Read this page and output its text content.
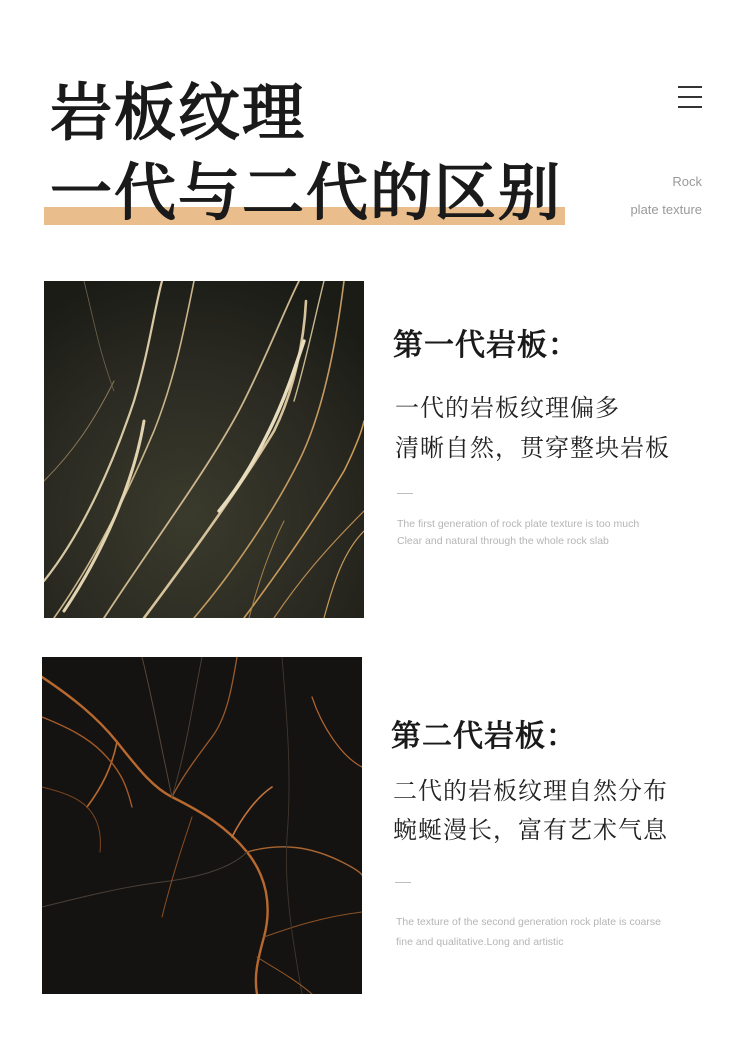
岩板纹理
一代与二代的区别	Rock
plate texture
第一代岩板：
一代的岩板纹理偏多
清晰自然，贯穿整块岩板
The first generation of rock plate texture is too much
Clear and natural through the whole rock slab
第二代岩板：
二代的岩板纹理自然分布
蜿蜒漫长，富有艺术气息
The texture of the second generation rock plate is coarse
fine and qualitative.Long and artistic
